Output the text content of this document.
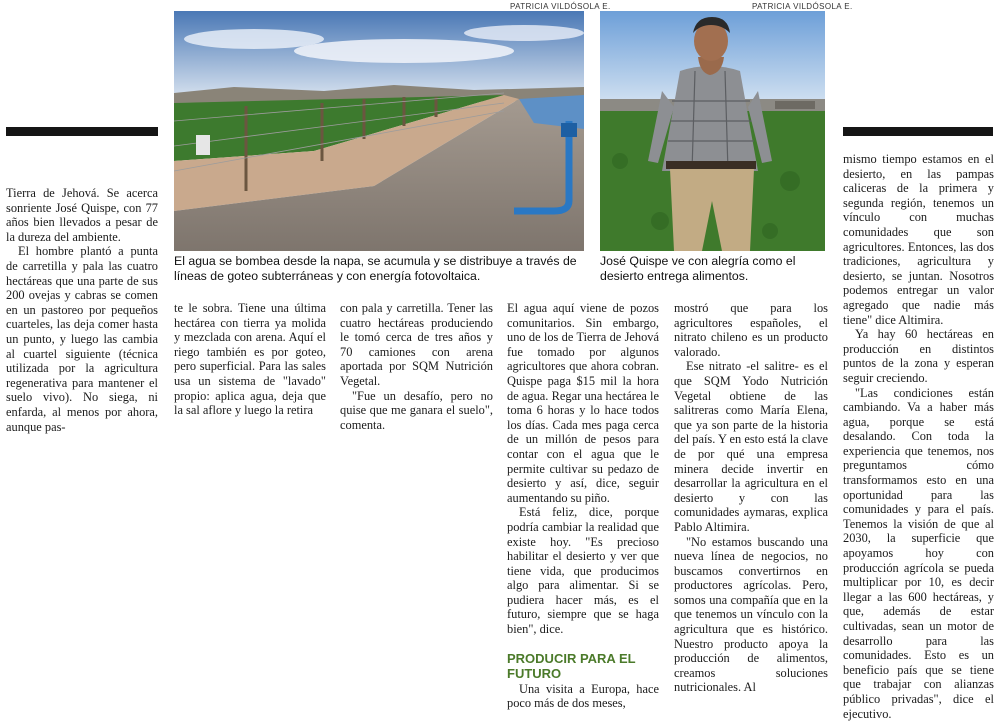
PATRICIA VILDÓSOLA E.	PATRICIA VILDÓSOLA E.
El agua se bombea desde la napa, se acumula y se distribuye a través de líneas de goteo subterráneas y con energía fotovoltaica.
José Quispe ve con alegría como el desierto entrega alimentos.

Tierra de Jehová. Se acerca sonriente José Quispe, con 77 años bien llevados a pesar de la dureza del ambiente.

El hombre plantó a punta de carretilla y pala las cuatro hectáreas que una parte de sus 200 ovejas y cabras se comen en un pastoreo por pequeños cuarteles, las deja comer hasta un punto, y luego las cambia al cuartel siguiente (técnica utilizada por la agricultura regenerativa para mantener el suelo vivo). No siega, ni enfarda, al menos por ahora, aunque pas-

te le sobra. Tiene una última hectárea con tierra ya molida y mezclada con arena. Aquí el riego también es por goteo, pero superficial. Para las sales usa un sistema de "lavado" propio: aplica agua, deja que la sal aflore y luego la retira

con pala y carretilla. Tener las cuatro hectáreas produciendo le tomó cerca de tres años y 70 camiones con arena aportada por SQM Nutrición Vegetal.

"Fue un desafío, pero no quise que me ganara el suelo", comenta.

El agua aquí viene de pozos comunitarios. Sin embargo, uno de los de Tierra de Jehová fue tomado por algunos agricultores que ahora cobran. Quispe paga $15 mil la hora de agua. Regar una hectárea le toma 6 horas y lo hace todos los días. Cada mes paga cerca de un millón de pesos para contar con el agua que le permite cultivar su pedazo de desierto y así, dice, seguir aumentando su piño.

Está feliz, dice, porque podría cambiar la realidad que existe hoy. "Es precioso habilitar el desierto y ver que tiene vida, que producimos algo para alimentar. Si se pudiera hacer más, es el futuro, siempre que se haga bien", dice.

PRODUCIR PARA EL FUTURO

Una visita a Europa, hace poco más de dos meses,

mostró que para los agricultores españoles, el nitrato chileno es un producto valorado.

Ese nitrato -el salitre- es el que SQM Yodo Nutrición Vegetal obtiene de las salitreras como María Elena, que ya son parte de la historia del país. Y en esto está la clave de por qué una empresa minera decide invertir en desarrollar la agricultura en el desierto y con las comunidades aymaras, explica Pablo Altimira.

"No estamos buscando una nueva línea de negocios, no buscamos convertirnos en productores agrícolas. Pero, somos una compañía que en la que tenemos un vínculo con la agricultura que es histórico. Nuestro producto apoya la producción de alimentos, creamos soluciones nutricionales. Al

mismo tiempo estamos en el desierto, en las pampas caliceras de la primera y segunda región, tenemos un vínculo con muchas comunidades que son agricultores. Entonces, las dos tradiciones, agricultura y desierto, se juntan. Nosotros podemos entregar un valor agregado que nadie más tiene" dice Altimira.

Ya hay 60 hectáreas en producción en distintos puntos de la zona y esperan seguir creciendo.

"Las condiciones están cambiando. Va a haber más agua, porque se está desalando. Con toda la experiencia que tenemos, nos preguntamos cómo transformamos esto en una oportunidad para las comunidades y para el país. Tenemos la visión de que al 2030, la superficie que apoyamos hoy con producción agrícola se pueda multiplicar por 10, es decir llegar a las 600 hectáreas, y que, además de estar cultivadas, sean un motor de desarrollo para las comunidades. Esto es un beneficio país que se tiene que trabajar con alianzas público privadas", dice el ejecutivo.
